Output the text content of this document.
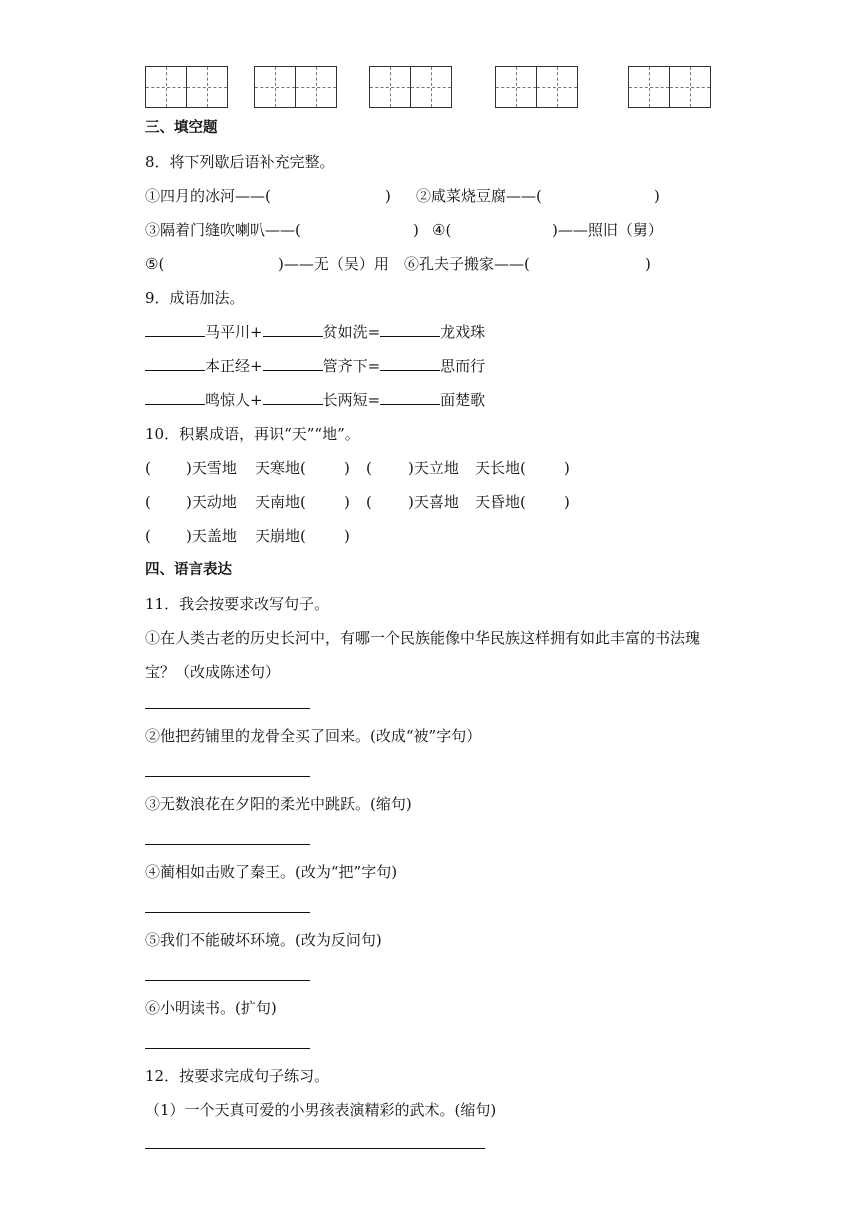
三、填空题
8．将下列歇后语补充完整。
①四月的冰河——(	) ②咸菜烧豆腐——(	)
③隔着门缝吹喇叭——(	) ④(	)——照旧（舅）
⑤(	)——无（吴）用 ⑥孔夫子搬家——(	)
9．成语加法。
马平川+	贫如洗=	龙戏珠
本正经+	管齐下=	思而行
鸣惊人+	长两短=	面楚歌
10．积累成语，再识“天”“地”。
( )天雪地 天寒地(	) ( )天立地 天长地(	)
( )天动地 天南地(	) ( )天喜地 天昏地(	)
( )天盖地 天崩地(	)
四、语言表达
11．我会按要求改写句子。
①在人类古老的历史长河中，有哪一个民族能像中华民族这样拥有如此丰富的书法瑰
宝？（改成陈述句）
②他把药铺里的龙骨全买了回来。(改成“被”字句）
③无数浪花在夕阳的柔光中跳跃。(缩句)
④蔺相如击败了秦王。(改为“把”字句)
⑤我们不能破坏环境。(改为反问句)
⑥小明读书。(扩句)
12．按要求完成句子练习。
（1）一个天真可爱的小男孩表演精彩的武术。(缩句)
